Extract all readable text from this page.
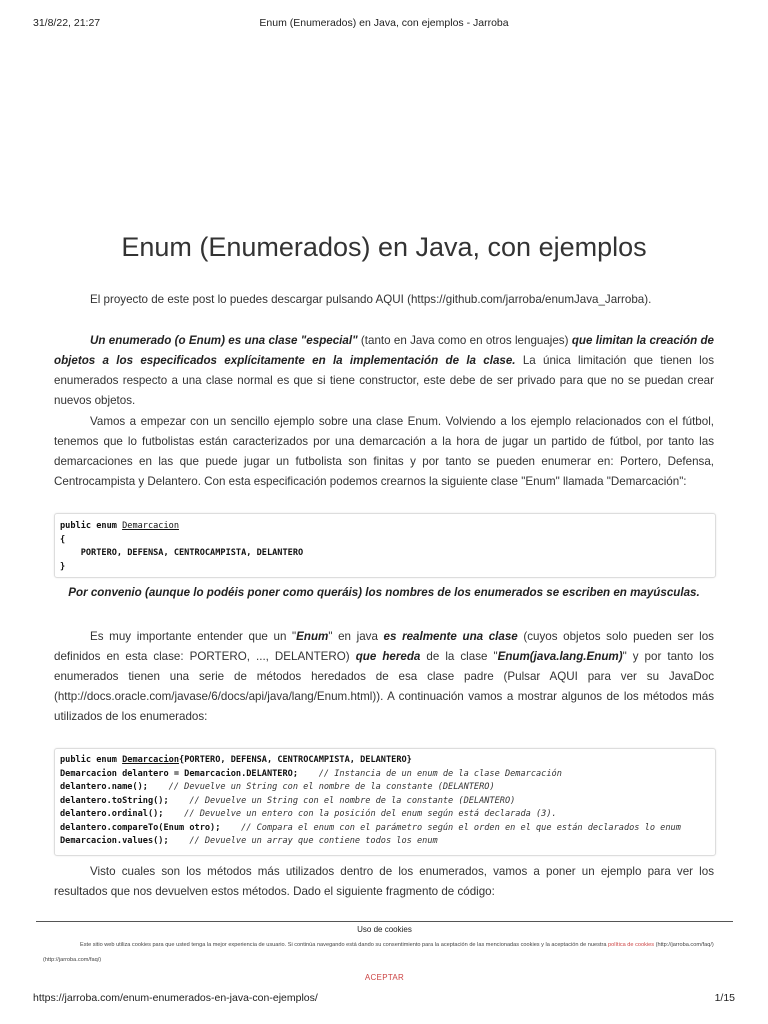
31/8/22, 21:27	Enum (Enumerados) en Java, con ejemplos - Jarroba
Enum (Enumerados) en Java, con ejemplos

El proyecto de este post lo puedes descargar pulsando AQUI (https://github.com/jarroba/enumJava_Jarroba).

Un enumerado (o Enum) es una clase "especial" (tanto en Java como en otros lenguajes) que limitan la creación de objetos a los especificados explícitamente en la implementación de la clase. La única limitación que tienen los enumerados respecto a una clase normal es que si tiene constructor, este debe de ser privado para que no se puedan crear nuevos objetos.

Vamos a empezar con un sencillo ejemplo sobre una clase Enum. Volviendo a los ejemplo relacionados con el fútbol, tenemos que lo futbolistas están caracterizados por una demarcación a la hora de jugar un partido de fútbol, por tanto las demarcaciones en las que puede jugar un futbolista son finitas y por tanto se pueden enumerar en: Portero, Defensa, Centrocampista y Delantero. Con esta especificación podemos crearnos la siguiente clase "Enum" llamada "Demarcación":

public enum Demarcacion
{
PORTERO, DEFENSA, CENTROCAMPISTA, DELANTERO
}
Por convenio (aunque lo podéis poner como queráis) los nombres de los enumerados se escriben en mayúsculas.

Es muy importante entender que un "Enum" en java es realmente una clase (cuyos objetos solo pueden ser los definidos en esta clase: PORTERO, ..., DELANTERO) que hereda de la clase "Enum(java.lang.Enum)" y por tanto los enumerados tienen una serie de métodos heredados de esa clase padre (Pulsar AQUI para ver su JavaDoc (http://docs.oracle.com/javase/6/docs/api/java/lang/Enum.html)). A continuación vamos a mostrar algunos de los métodos más utilizados de los enumerados:

public enum Demarcacion{PORTERO, DEFENSA, CENTROCAMPISTA, DELANTERO}
Demarcacion delantero = Demarcacion.DELANTERO;    // Instancia de un enum de la clase Demarcación
delantero.name();    // Devuelve un String con el nombre de la constante (DELANTERO)
delantero.toString();    // Devuelve un String con el nombre de la constante (DELANTERO)
delantero.ordinal();    // Devuelve un entero con la posición del enum según está declarada (3).
delantero.compareTo(Enum otro);    // Compara el enum con el parámetro según el orden en el que están declarados lo enum
Demarcacion.values();    // Devuelve un array que contiene todos los enum

Visto cuales son los métodos más utilizados dentro de los enumerados, vamos a poner un ejemplo para ver los resultados que nos devuelven estos métodos. Dado el siguiente fragmento de código:

Uso de cookies
Este sitio web utiliza cookies para que usted tenga la mejor experiencia de usuario. Si continúa navegando está dando su consentimiento para la aceptación de las mencionadas cookies y la aceptación de nuestra política de cookies (http://jarroba.com/faq/)
(http://jarroba.com/faq/)
ACEPTAR
https://jarroba.com/enum-enumerados-en-java-con-ejemplos/	1/15
